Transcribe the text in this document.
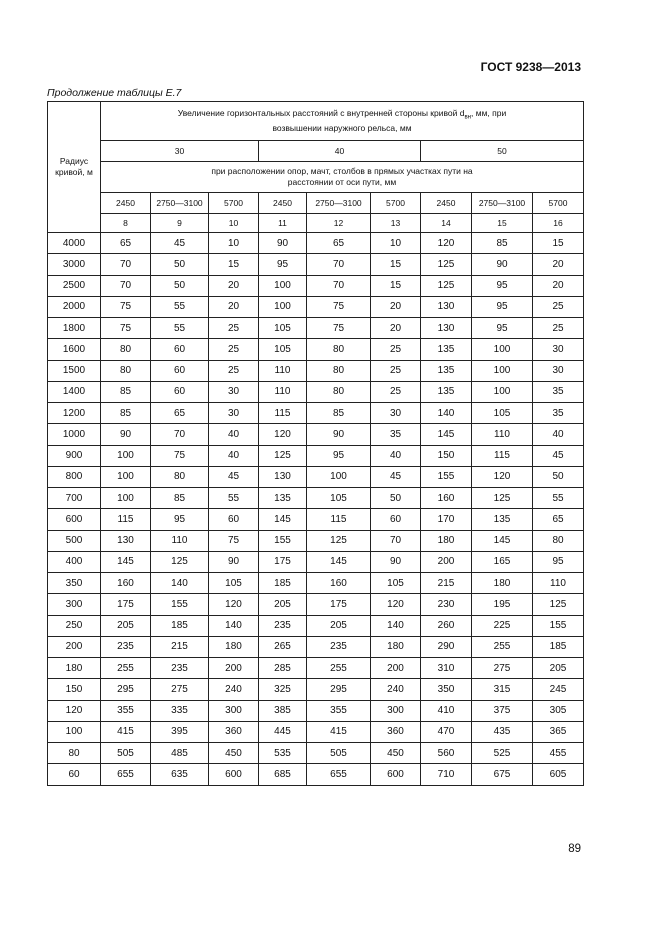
ГОСТ 9238—2013
Продолжение таблицы Е.7
Радиус кривой, м	Увеличение горизонтальных расстояний с внутренней стороны кривой $d_{вн}$, мм, при возвышении наружного рельса, мм								

	30			40			50		

	при расположении опор, мачт, столбов в прямых участках пути на расстоянии от оси пути, мм								

	2450	2750—3100	5700	2450	2750—3100	5700	2450	2750—3100	5700
	8	9	10	11	12	13	14	15	16
4000	65	45	10	90	65	10	120	85	15
3000	70	50	15	95	70	15	125	90	20
2500	70	50	20	100	70	15	125	95	20
2000	75	55	20	100	75	20	130	95	25
1800	75	55	25	105	75	20	130	95	25
1600	80	60	25	105	80	25	135	100	30
1500	80	60	25	110	80	25	135	100	30
1400	85	60	30	110	80	25	135	100	35
1200	85	65	30	115	85	30	140	105	35
1000	90	70	40	120	90	35	145	110	40
900	100	75	40	125	95	40	150	115	45
800	100	80	45	130	100	45	155	120	50
700	100	85	55	135	105	50	160	125	55
600	115	95	60	145	115	60	170	135	65
500	130	110	75	155	125	70	180	145	80
400	145	125	90	175	145	90	200	165	95
350	160	140	105	185	160	105	215	180	110
300	175	155	120	205	175	120	230	195	125
250	205	185	140	235	205	140	260	225	155
200	235	215	180	265	235	180	290	255	185
180	255	235	200	285	255	200	310	275	205
150	295	275	240	325	295	240	350	315	245
120	355	335	300	385	355	300	410	375	305
100	415	395	360	445	415	360	470	435	365
80	505	485	450	535	505	450	560	525	455
60	655	635	600	685	655	600	710	675	605
89
